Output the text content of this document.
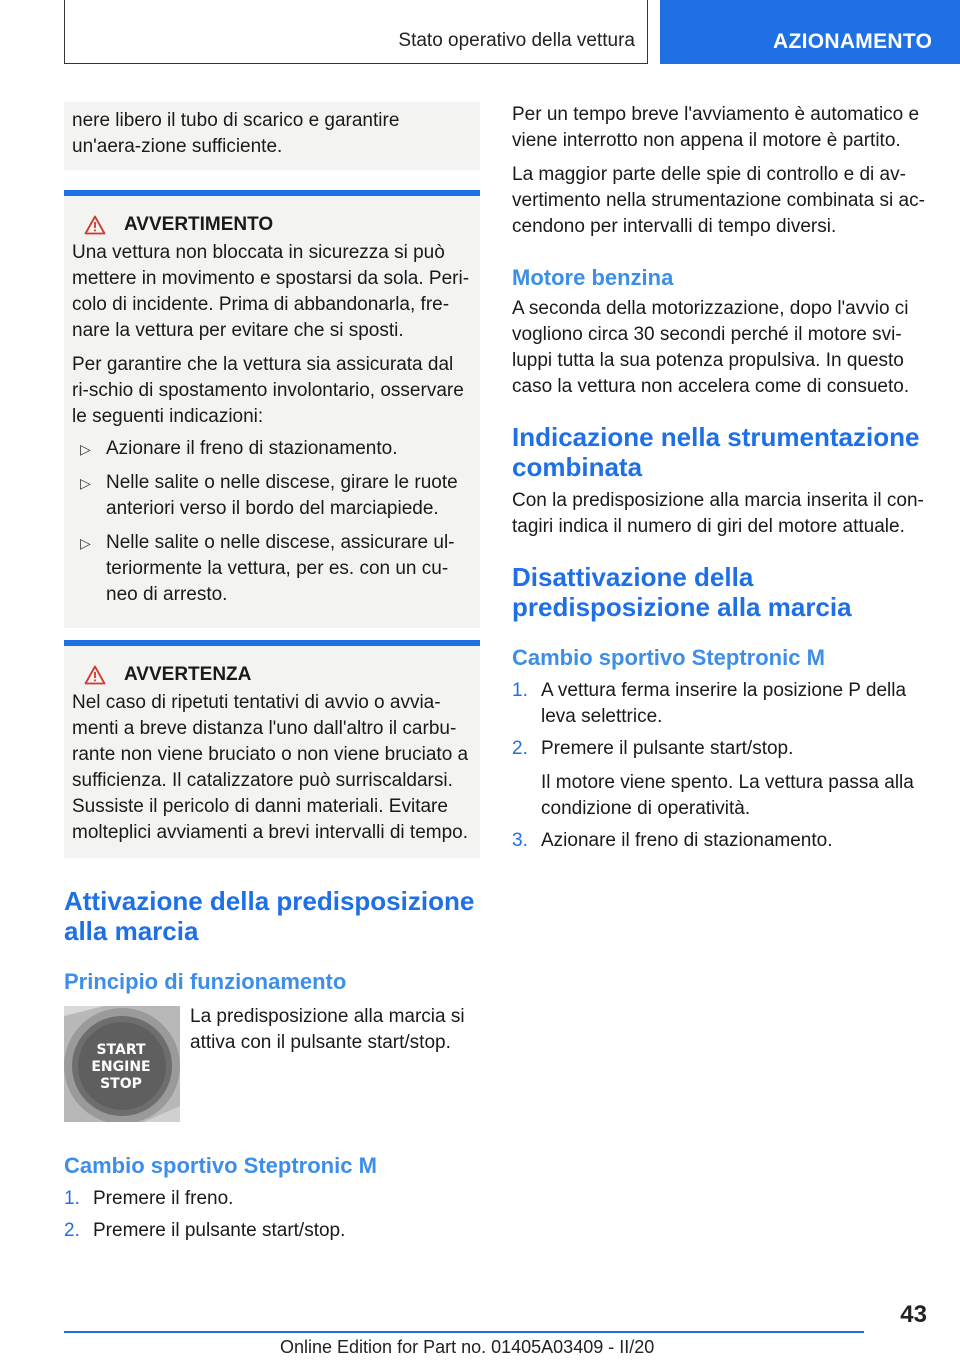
Stato operativo della vettura	AZIONAMENTO

nere libero il tubo di scarico e garantire un'aera-zione sufficiente.

AVVERTIMENTO

Una vettura non bloccata in sicurezza si può mettere in movimento e spostarsi da sola. Peri-colo di incidente. Prima di abbandonarla, fre-nare la vettura per evitare che si sposti.

Per garantire che la vettura sia assicurata dal ri-schio di spostamento involontario, osservare le seguenti indicazioni:

▷ Azionare il freno di stazionamento.
▷ Nelle salite o nelle discese, girare le ruote anteriori verso il bordo del marciapiede.
▷ Nelle salite o nelle discese, assicurare ul-teriormente la vettura, per es. con un cu-neo di arresto.
AVVERTENZA

Nel caso di ripetuti tentativi di avvio o avvia-menti a breve distanza l'uno dall'altro il carbu-rante non viene bruciato o non viene bruciato a sufficienza. Il catalizzatore può surriscaldarsi. Sussiste il pericolo di danni materiali. Evitare molteplici avviamenti a brevi intervalli di tempo.

Attivazione della predisposizione alla marcia
Principio di funzionamento
START
ENGINE
STOP

La predisposizione alla marcia si attiva con il pulsante start/stop.

Cambio sportivo Steptronic M
1. Premere il freno.
2. Premere il pulsante start/stop.

Per un tempo breve l'avviamento è automatico e viene interrotto non appena il motore è partito.

La maggior parte delle spie di controllo e di av-vertimento nella strumentazione combinata si ac-cendono per intervalli di tempo diversi.

Motore benzina

A seconda della motorizzazione, dopo l'avvio ci vogliono circa 30 secondi perché il motore svi-luppi tutta la sua potenza propulsiva. In questo caso la vettura non accelera come di consueto.

Indicazione nella strumentazione combinata

Con la predisposizione alla marcia inserita il con-tagiri indica il numero di giri del motore attuale.

Disattivazione della predisposizione alla marcia
Cambio sportivo Steptronic M
1. A vettura ferma inserire la posizione P della leva selettrice.
2. Premere il pulsante start/stop.
Il motore viene spento. La vettura passa alla condizione di operatività.
3. Azionare il freno di stazionamento.
43
Online Edition for Part no. 01405A03409 - II/20
